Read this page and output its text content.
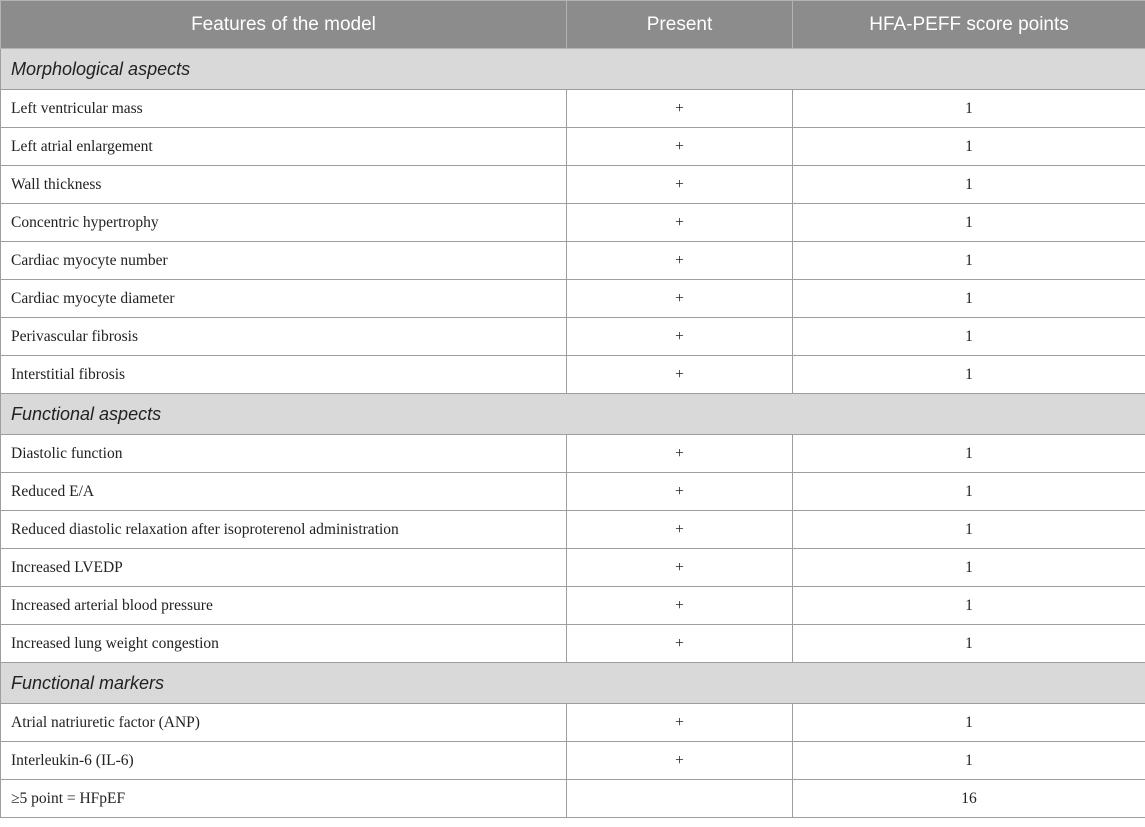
Features of the model	Present	HFA-PEFF score points
Morphological aspects		
Left ventricular mass	+	1
Left atrial enlargement	+	1
Wall thickness	+	1
Concentric hypertrophy	+	1
Cardiac myocyte number	+	1
Cardiac myocyte diameter	+	1
Perivascular fibrosis	+	1
Interstitial fibrosis	+	1
Functional aspects		
Diastolic function	+	1
Reduced E/A	+	1
Reduced diastolic relaxation after isoproterenol administration	+	1
Increased LVEDP	+	1
Increased arterial blood pressure	+	1
Increased lung weight congestion	+	1
Functional markers		
Atrial natriuretic factor (ANP)	+	1
Interleukin-6 (IL-6)	+	1
≥5 point = HFpEF		16
